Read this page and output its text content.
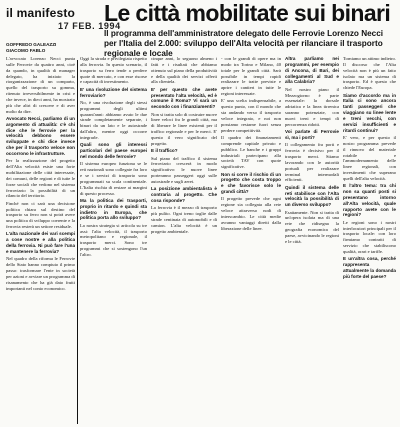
il manifesto
17 FEB. 1994
Le città mobilitate sui binari
Il programma dell'amministratore delegato delle Ferrovie Lorenzo Necci per l'Italia del 2.000: sviluppo dell'Alta velocità per rilanciare il trasporto regionale e locale
GOFFREDO GALEAZZI
GIACOMO FABLO

L'avvocato Lorenzo Necci punta sulle Ferrovie da quattro anni, cioè da quando, in qualità di manager delegato, ha iniziato la riorganizzazione di un comparto, quello del trasporto su gomma, ritenuto irreversibilmente in crisi e che invece, in dieci anni, ha mostrato più che altri di crescere e di aver molto da dire.

Avvocato Necci, parliamo di un argomento di attualità: c'è chi dice che le ferrovie per la velocità debbono essere sviluppate e chi dice invece che per il trasporto veloce non occorrono le infrastrutture.

Per la realizzazione del progetto dell'Alta velocità esiste una forte mobilitazione delle città interessate, dei comuni, delle regioni e di tutte le forze sociali che vedono nel sistema ferroviario la possibilità di un rilancio del territorio.

Finché non ci sarà una decisione politica chiara sul destino del trasporto su ferro non si potrà avere una politica di sviluppo coerente e la ferrovia resterà un settore residuale.

L'alta nazionale dei vari scempi a cose nostre e alla politica della ferrovia. Ni può fare l'una e mantenere la ferrovia?

Nel quadro della riforma le Ferrovie dello Stato hanno compiuto il primo passo: trasformare l'ente in società per azioni e avviare un programma di risanamento che ha già dato frutti importanti nel conto economico.

Oggi la strada e privilegiata rispetto alla ferrovia. In questo scenario, il trasporto su ferro tende a perdere quote di mercato, e con esse risorse e capacità di investimento.

E' una rivoluzione del sistema ferroviario?

No, è una rivoluzione degli stessi programmi degli ultimi quarant'anni: abbiamo avuto le due strade completamente separate, i binari da un lato e le autostrade dall'altro, mentre oggi occorre integrarle.

Quali sono gli interessi particolari del paese europei nel mondo delle ferrovie?

Il sistema europeo funziona se le reti nazionali sono collegate fra loro e se i servizi di trasporto sono programmati su scala continentale. L'Italia rischia di restare ai margini di questo processo.

Ma la politica dei trasporti, proprio in ritardo e quindi sta indietro in Europa, che politica porta allo sviluppo?

La nostra strategia si articola su tre assi: l'alta velocità, il trasporto metropolitano e regionale, il trasporto merci. Sono tre programmi che si sostengono l'un l'altro.

cinque anni, lo seguono almeno i fatti e i risultati che abbiamo ottenuto sul piano della produttività e della qualità dei servizi offerti alla clientela.

E' per questo che avete presentato l'alta velocità, ed è comune il Roma? Vi sarà un secondo con i finanziamenti?

Non si tratta solo di costruire nuove linee veloci fra le grandi città, ma di liberare le linee esistenti per il traffico regionale e per le merci. E' questo il vero significato del progetto.

E il traffico?

Sul piano del traffico il sistema ferroviario crescerà in modo significativo: le nuove linee porteranno passeggeri oggi sulle autostrade e sugli aerei.

La posizione ambientalista è contraria al progetto. Che cosa risponde?

La ferrovia è il mezzo di trasporto più pulito. Ogni treno toglie dalle strade centinaia di automobili e di camion. L'alta velocità è un progetto ambientale.

- con le grandi di opere ma in modo tra Torino e Milano, 40 totale per le grandi città. Sarà possibile in tempi rapidi realizzare le tratte previste e aprire i cantieri in tutte le regioni interessate.

E' una scelta indispensabile, a questo punto, con il mondo che sta andando verso il trasporto veloce integrato, e noi non possiamo restarne fuori senza perdere competitività.

Il quadro dei finanziamenti comprende capitale privato e pubblico. Le banche e i gruppi industriali partecipano alla società TAV con quote significative.

Non si corre il rischio di un progetto che costa troppo e che favorisce solo le grandi città?

Il progetto prevede che ogni regione sia collegata alla rete veloce attraverso nodi di interscambio. Le città medie avranno vantaggi diretti dalla liberazione delle linee.

Altra parliamo nei programmi, per esempio di Ancona, di Bari, dei collegamenti al Sud e alla Calabria?

Nel nostro piano il Mezzogiorno è parte essenziale: la dorsale adriatica e la linea tirrenica saranno potenziate, con nuovi treni e tempi di percorrenza ridotti.

Voi parlate di Ferrovie sì, ma i porti?

Il collegamento fra porti e ferrovia è decisivo per il trasporto merci. Stiamo lavorando con le autorità portuali per realizzare terminal intermodali efficienti.

Quindi il sistema delle reti stabilisce con l'Alta velocità la possibilità di un diverso sviluppo?

Esattamente. Non si tratta di un'opera isolata ma di una rete che ridisegna la geografia economica del paese, avvicinando le regioni e le città.

Torniamo un attimo indietro. Il discorso che l'Alta velocità non è più un fatto isolato ma un sistema di trasporto. Ed è questo che chiede l'Europa.

Siamo d'accordo ma in Italia ci sono ancora tanti passeggeri che viaggiano su linee lente e treni vecchi, con servizi insufficienti e ritardi continui?

E' vero, e per questo il nostro programma prevede il rinnovo del materiale rotabile e l'ammodernamento delle linee regionali, con investimenti che superano quelli dell'alta velocità.

E l'altro tema: tra chi non sa quanti posti si presentano intorno all'Alta velocità, quale rapporto avete con le regioni?

Le regioni sono i nostri interlocutori principali per il trasporto locale: con loro firmiamo contratti di servizio che stabiliscono qualità, orari e tariffe.

E un'altra cosa, perché rappresenta attualmente la domanda più forte del paese?
